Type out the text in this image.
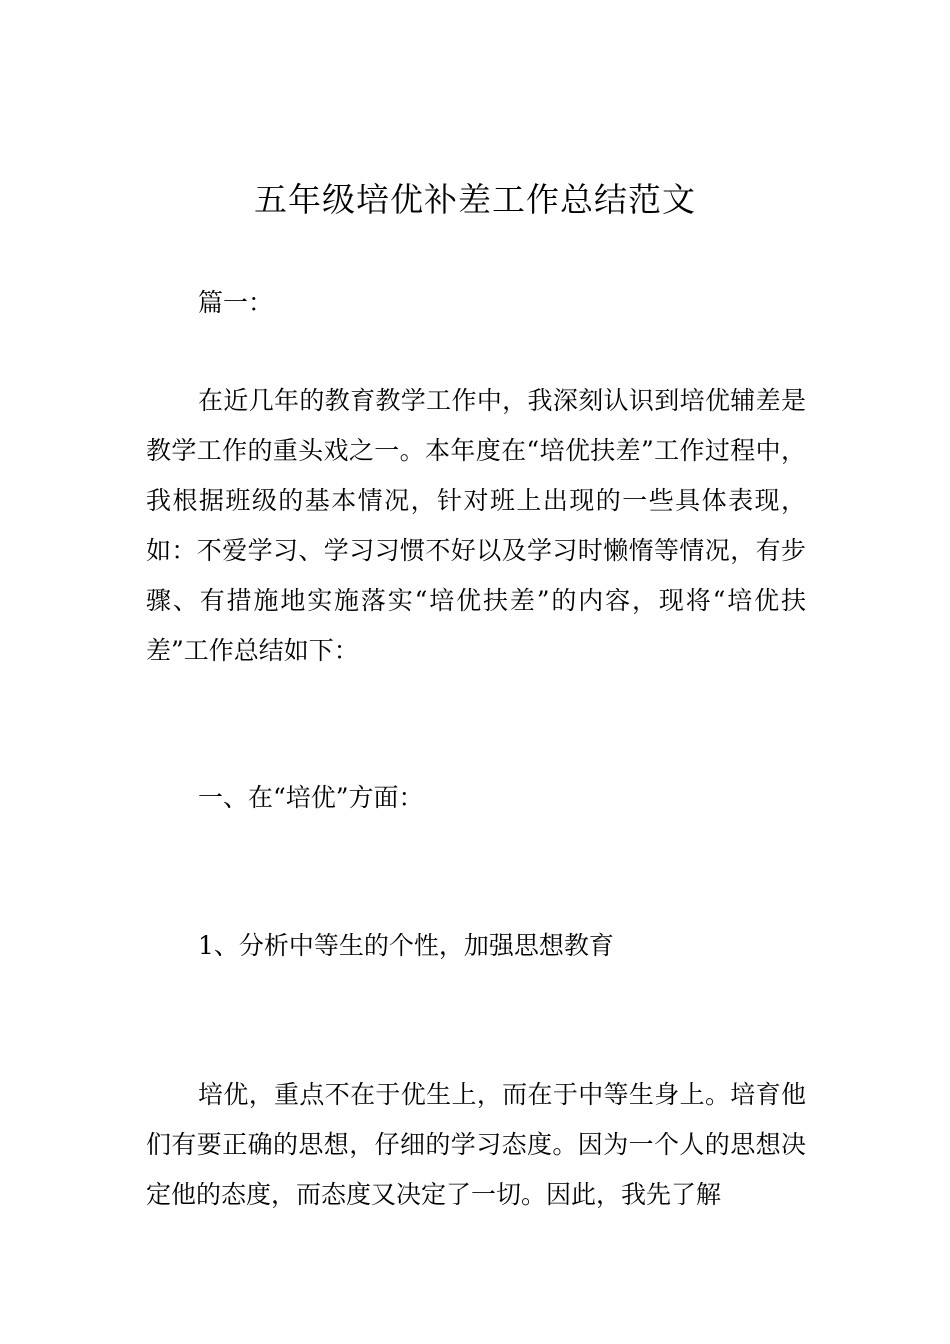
五年级培优补差工作总结范文

篇一：

在近几年的教育教学工作中，我深刻认识到培优辅差是教学工作的重头戏之一。本年度在“培优扶差”工作过程中，我根据班级的基本情况，针对班上出现的一些具体表现，如：不爱学习、学习习惯不好以及学习时懒惰等情况，有步骤、有措施地实施落实“培优扶差”的内容，现将“培优扶差”工作总结如下：

一、在“培优”方面：

1、分析中等生的个性，加强思想教育

培优，重点不在于优生上，而在于中等生身上。培育他们有要正确的思想，仔细的学习态度。因为一个人的思想决定他的态度，而态度又决定了一切。因此，我先了解
